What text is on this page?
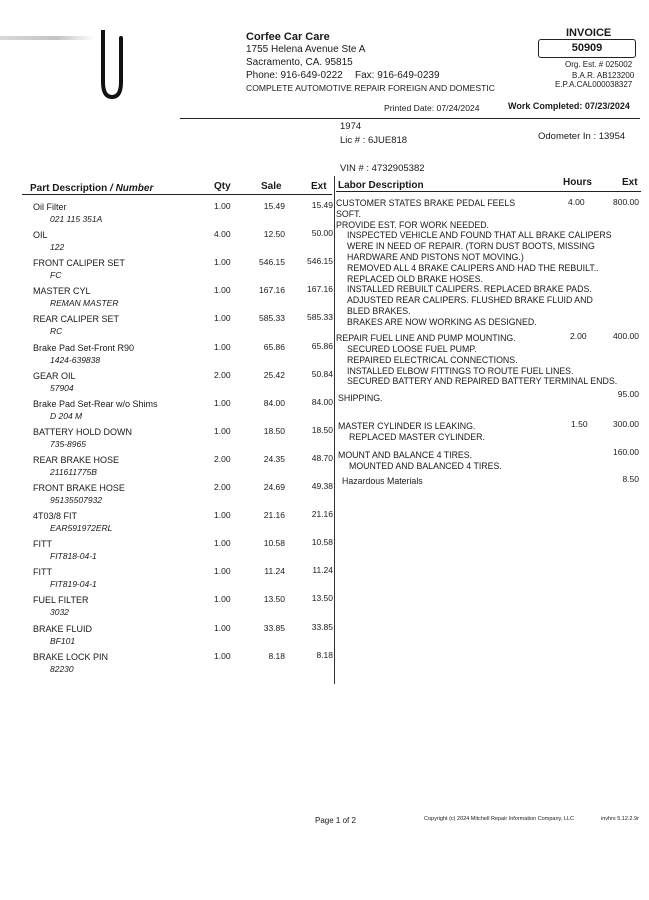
Corfee Car Care
1755 Helena Avenue Ste A
Sacramento, CA. 95815
Phone: 916-649-0222 Fax: 916-649-0239
COMPLETE AUTOMOTIVE REPAIR FOREIGN AND DOMESTIC
INVOICE
50909
Org. Est. # 025002
B.A.R. AB123200
E.P.A.CAL000038327
Printed Date: 07/24/2024	Work Completed: 07/23/2024
1974
Lic # : 6JUE818	Odometer In : 13954
VIN # : 4732905382
Part Description / Number	Qty	Sale	Ext Labor Description	Hours	Ext
Oil Filter
021 115 351A
1.00	15.49	15.49
OIL
122
4.00	12.50	50.00
FRONT CALIPER SET
FC
1.00	546.15	546.15
MASTER CYL
REMAN MASTER
1.00	167.16	167.16
REAR CALIPER SET
RC
1.00	585.33	585.33
Brake Pad Set-Front R90
1424-639838
1.00	65.86	65.86
GEAR OIL
57904
2.00	25.42	50.84
Brake Pad Set-Rear w/o Shims
D 204 M
1.00	84.00	84.00
BATTERY HOLD DOWN
735-8965
1.00	18.50	18.50
REAR BRAKE HOSE
211611775B
2.00	24.35	48.70
FRONT BRAKE HOSE
95135507932
2.00	24.69	49.38
4T03/8 FIT
EAR591972ERL
1.00	21.16	21.16
FITT
FIT818-04-1
1.00	10.58	10.58
FITT
FIT819-04-1
1.00	11.24	11.24
FUEL FILTER
3032
1.00	13.50	13.50
BRAKE FLUID
BF101
1.00	33.85	33.85
BRAKE LOCK PIN
82230
1.00	8.18	8.18
CUSTOMER STATES BRAKE PEDAL FEELS
SOFT.
PROVIDE EST. FOR WORK NEEDED.
INSPECTED VEHICLE AND FOUND THAT ALL BRAKE CALIPERS
WERE IN NEED OF REPAIR. (TORN DUST BOOTS, MISSING
HARDWARE AND PISTONS NOT MOVING.)
REMOVED ALL 4 BRAKE CALIPERS AND HAD THE REBUILT..
REPLACED OLD BRAKE HOSES.
INSTALLED REBUILT CALIPERS. REPLACED BRAKE PADS.
ADJUSTED REAR CALIPERS. FLUSHED BRAKE FLUID AND
BLED BRAKES.
BRAKES ARE NOW WORKING AS DESIGNED.
4.00	800.00
REPAIR FUEL LINE AND PUMP MOUNTING.
SECURED LOOSE FUEL PUMP.
REPAIRED ELECTRICAL CONNECTIONS.
INSTALLED ELBOW FITTINGS TO ROUTE FUEL LINES.
SECURED BATTERY AND REPAIRED BATTERY TERMINAL ENDS.
2.00	400.00
SHIPPING.	95.00
MASTER CYLINDER IS LEAKING.
REPLACED MASTER CYLINDER.
1.50	300.00
MOUNT AND BALANCE 4 TIRES.
MOUNTED AND BALANCED 4 TIRES.
160.00
Hazardous Materials	8.50
Page 1 of 2	Copyright (c) 2024 Mitchell Repair Information Company, LLC	invhrs 5.12.2.9r
